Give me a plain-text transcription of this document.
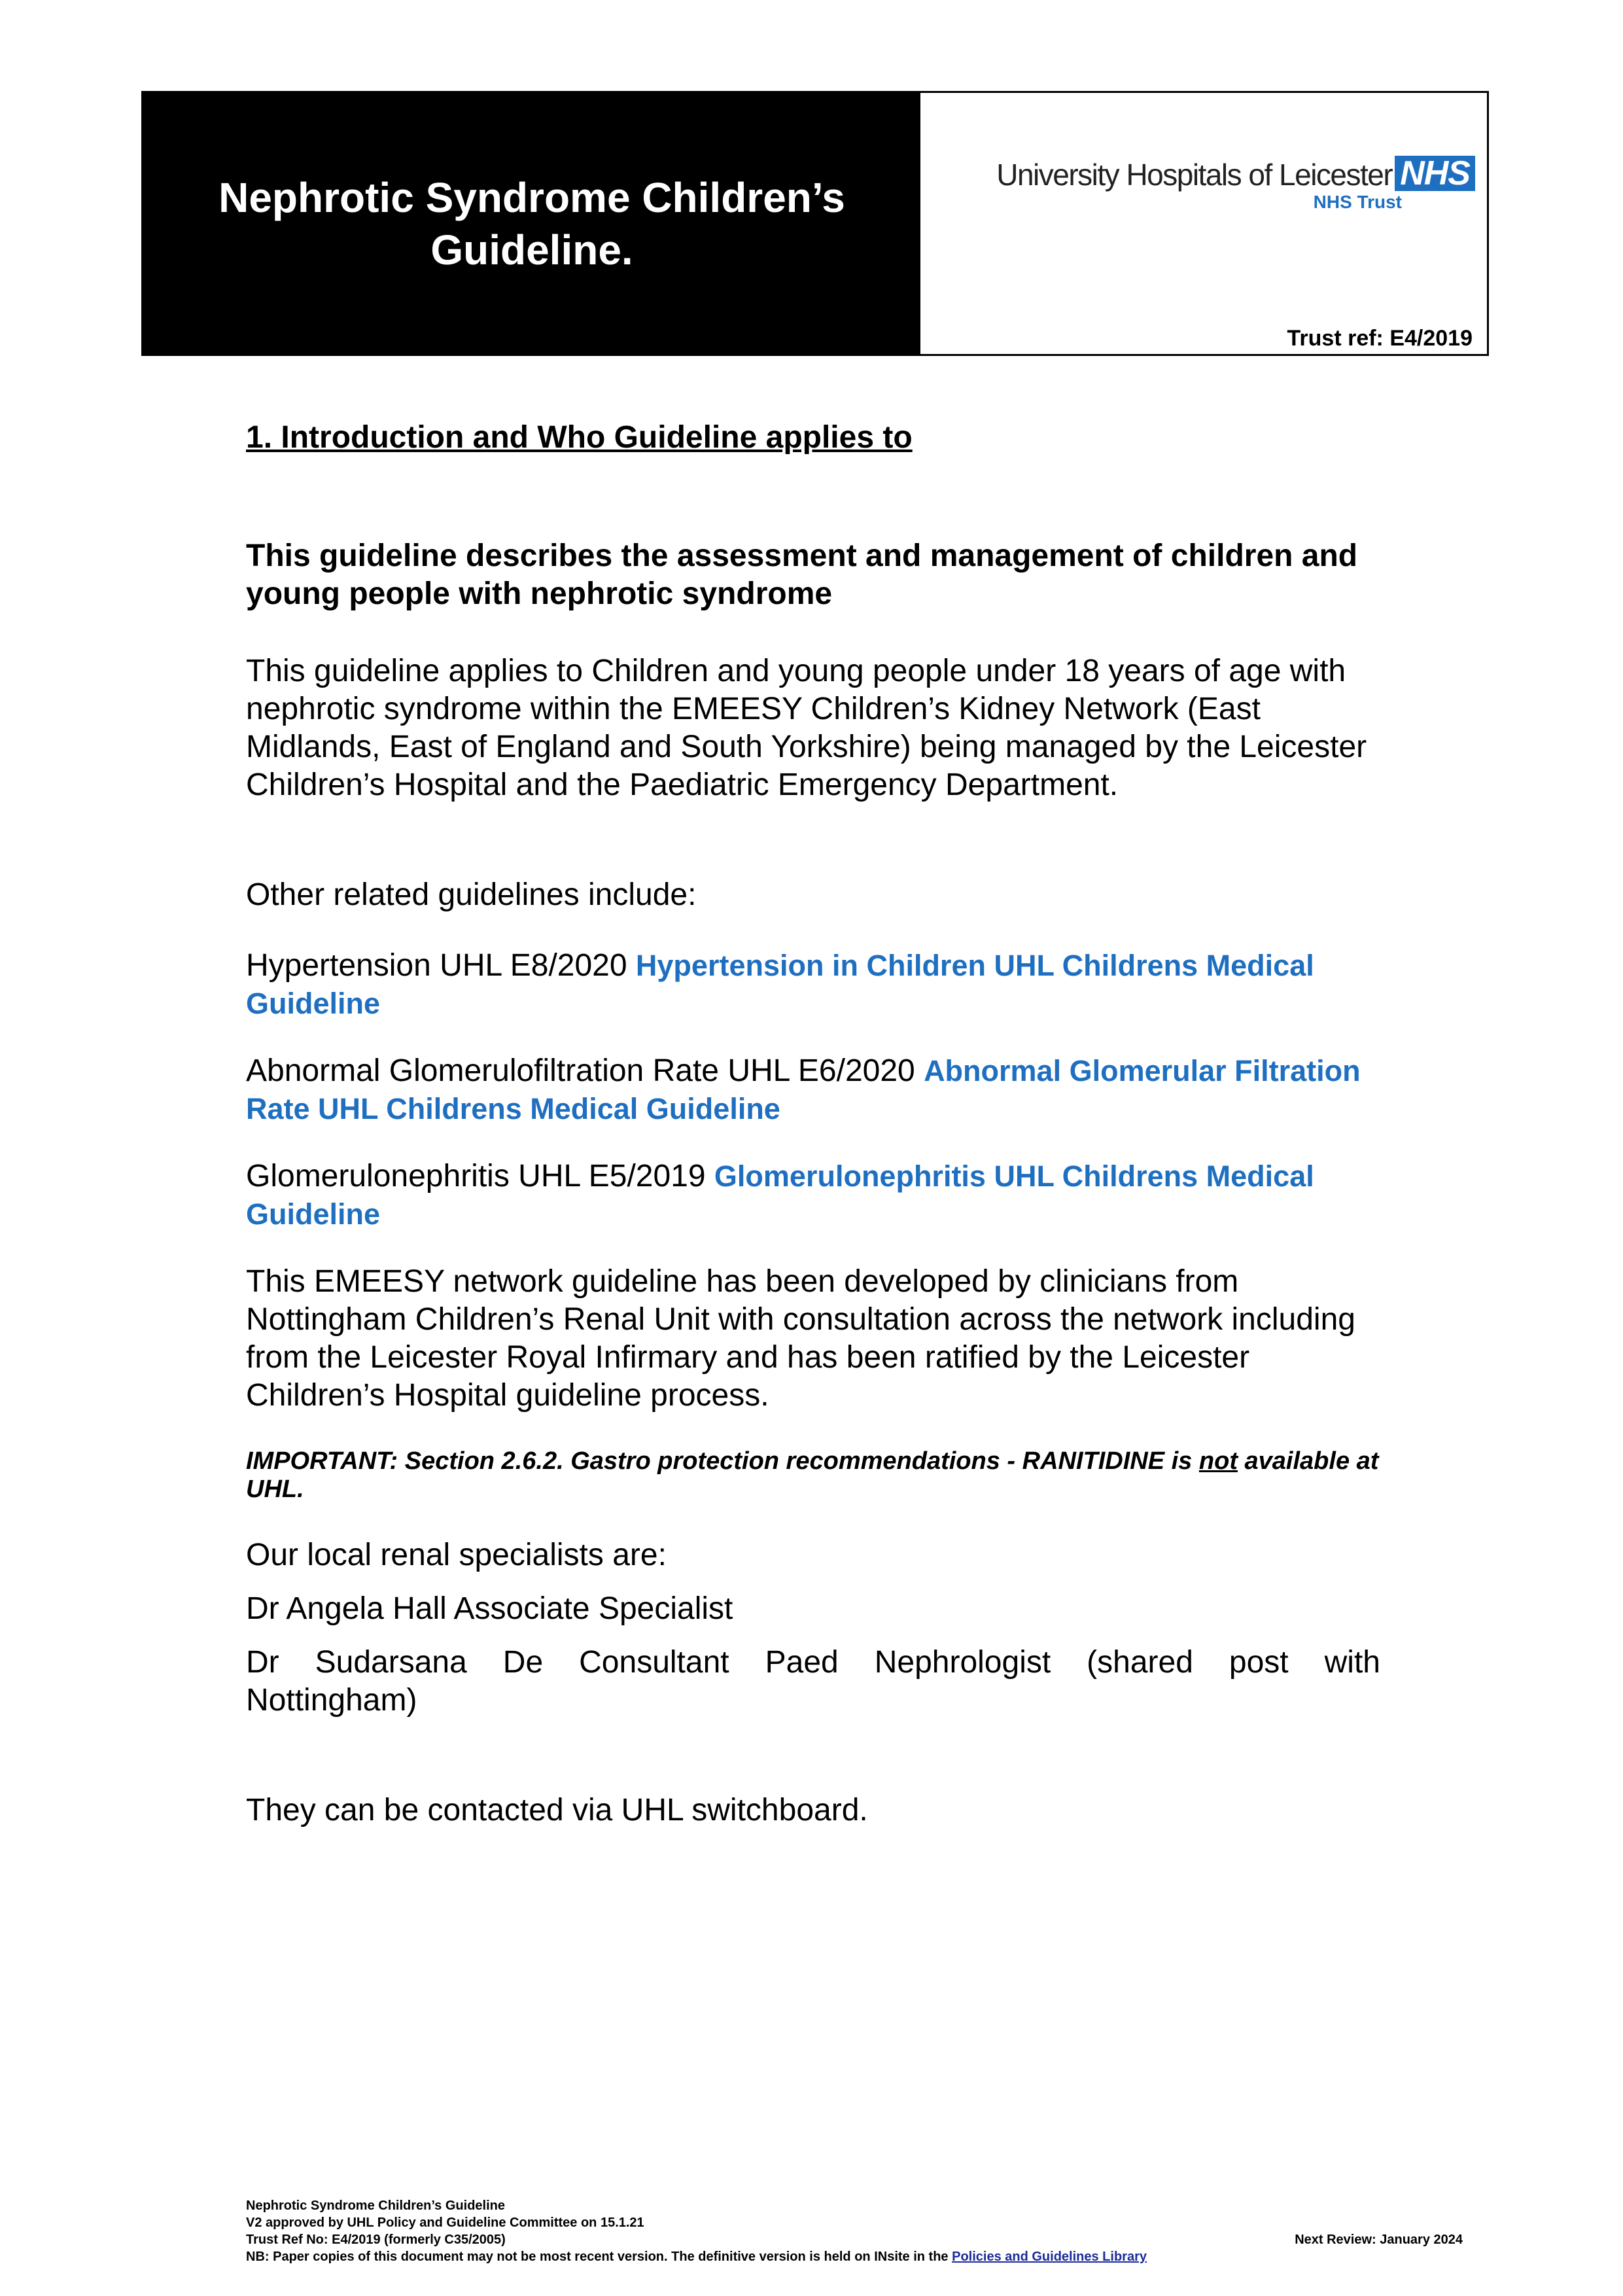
Nephrotic Syndrome Children’s Guideline.
University Hospitals of Leicester NHS
NHS Trust
Trust ref: E4/2019
1. Introduction and Who Guideline applies to
This guideline describes the assessment and management of children and young people with nephrotic syndrome
This guideline applies to Children and young people under 18 years of age with nephrotic syndrome within the EMEESY Children’s Kidney Network (East Midlands, East of England and South Yorkshire) being managed by the Leicester Children’s Hospital and the Paediatric Emergency Department.
Other related guidelines include:
Hypertension UHL E8/2020 Hypertension in Children UHL Childrens Medical Guideline
Abnormal Glomerulofiltration Rate UHL E6/2020 Abnormal Glomerular Filtration Rate UHL Childrens Medical Guideline
Glomerulonephritis UHL E5/2019 Glomerulonephritis UHL Childrens Medical Guideline
This EMEESY network guideline has been developed by clinicians from Nottingham Children’s Renal Unit with consultation across the network including from the Leicester Royal Infirmary and has been ratified by the Leicester Children’s Hospital guideline process.
IMPORTANT: Section 2.6.2. Gastro protection recommendations - RANITIDINE is not available at UHL.
Our local renal specialists are:
Dr Angela Hall Associate Specialist
Dr Sudarsana De Consultant Paed Nephrologist (shared post with
Nottingham)
They can be contacted via UHL switchboard.
Nephrotic Syndrome Children’s Guideline
V2 approved by UHL Policy and Guideline Committee on 15.1.21
Trust Ref No: E4/2019 (formerly C35/2005)	Next Review: January 2024
NB: Paper copies of this document may not be most recent version. The definitive version is held on INsite in the Policies and Guidelines Library
